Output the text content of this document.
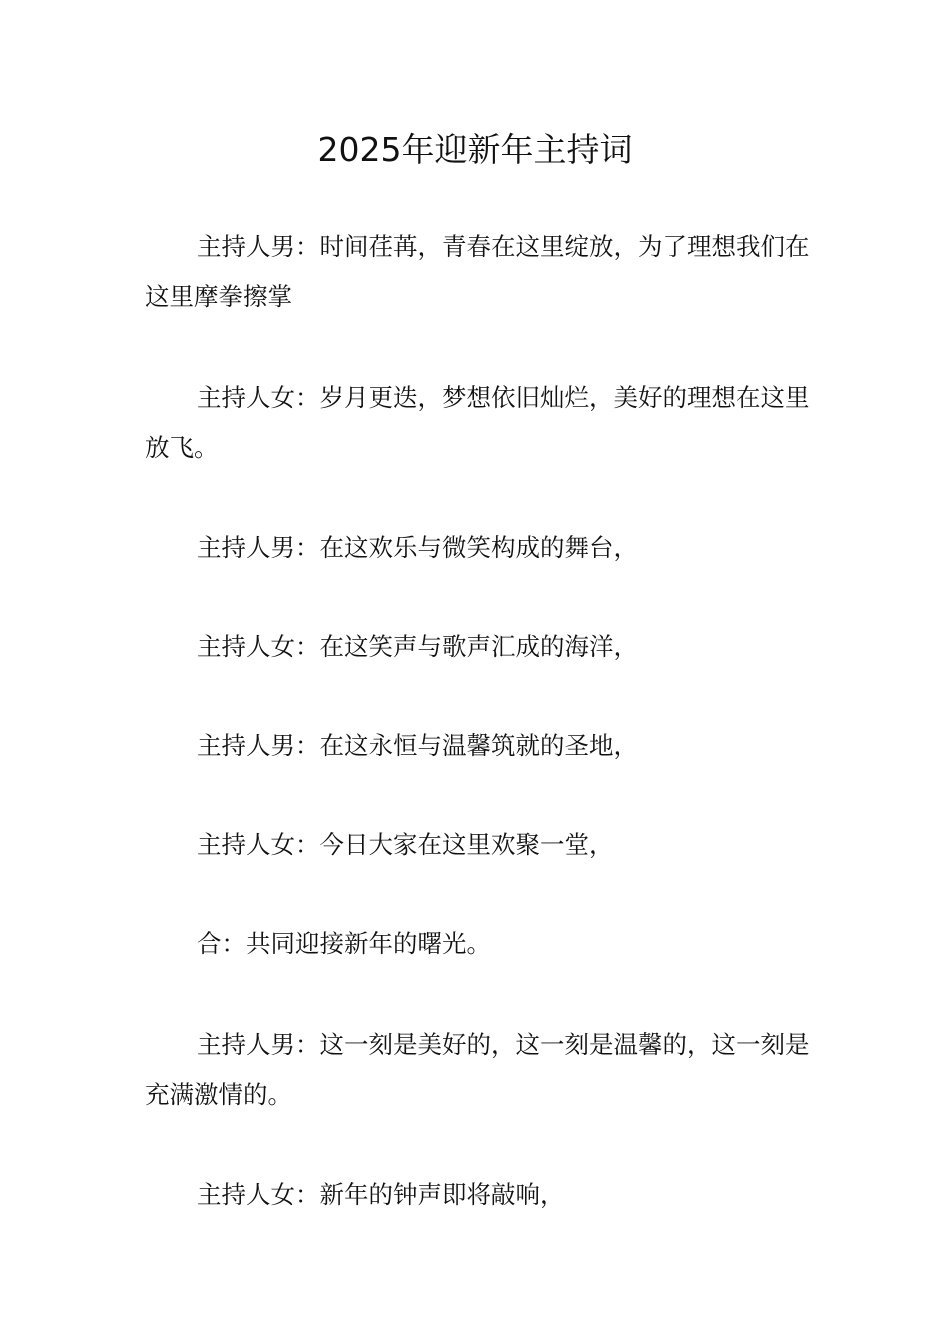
2025年迎新年主持词

主持人男：时间荏苒，青春在这里绽放，为了理想我们在这里摩拳擦掌

主持人女：岁月更迭，梦想依旧灿烂，美好的理想在这里放飞。

主持人男：在这欢乐与微笑构成的舞台，

主持人女：在这笑声与歌声汇成的海洋，

主持人男：在这永恒与温馨筑就的圣地，

主持人女：今日大家在这里欢聚一堂，

合：共同迎接新年的曙光。

主持人男：这一刻是美好的，这一刻是温馨的，这一刻是充满激情的。

主持人女：新年的钟声即将敲响，
